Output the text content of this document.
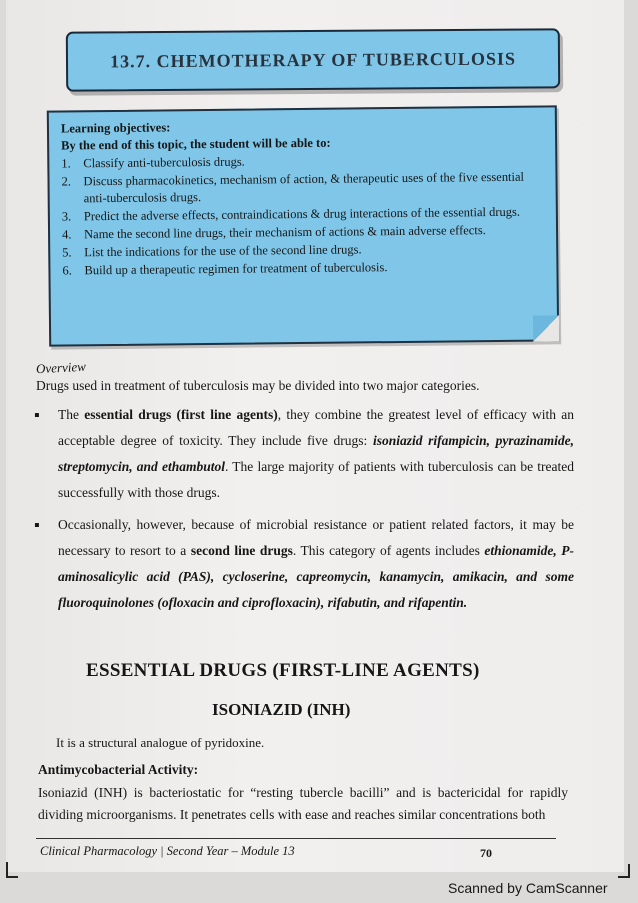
13.7. CHEMOTHERAPY OF TUBERCULOSIS
Learning objectives:
By the end of this topic, the student will be able to:
1. Classify anti-tuberculosis drugs.
2. Discuss pharmacokinetics, mechanism of action, & therapeutic uses of the five essential anti-tuberculosis drugs.
3. Predict the adverse effects, contraindications & drug interactions of the essential drugs.
4. Name the second line drugs, their mechanism of actions & main adverse effects.
5. List the indications for the use of the second line drugs.
6. Build up a therapeutic regimen for treatment of tuberculosis.
Overview
Drugs used in treatment of tuberculosis may be divided into two major categories.
▪	The essential drugs (first line agents), they combine the greatest level of efficacy with an acceptable degree of toxicity. They include five drugs: isoniazid rifampicin, pyrazinamide, streptomycin, and ethambutol. The large majority of patients with tuberculosis can be treated successfully with those drugs.
▪	Occasionally, however, because of microbial resistance or patient related factors, it may be necessary to resort to a second line drugs. This category of agents includes ethionamide, P-aminosalicylic acid (PAS), cycloserine, capreomycin, kanamycin, amikacin, and some fluoroquinolones (ofloxacin and ciprofloxacin), rifabutin, and rifapentin.
ESSENTIAL DRUGS (FIRST-LINE AGENTS)
ISONIAZID (INH)
It is a structural analogue of pyridoxine.
Antimycobacterial Activity:
Isoniazid (INH) is bacteriostatic for “resting tubercle bacilli” and is bactericidal for rapidly dividing microorganisms. It penetrates cells with ease and reaches similar concentrations both
Clinical Pharmacology | Second Year – Module 13	70
Scanned by CamScanner
